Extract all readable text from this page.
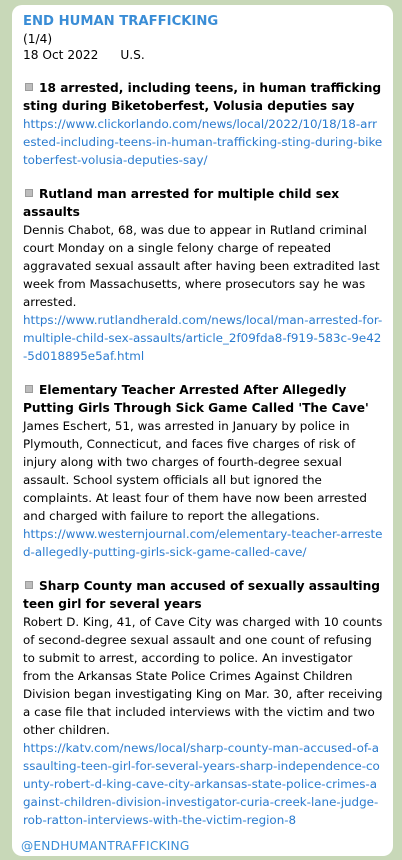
END HUMAN TRAFFICKING
(1/4)
18 Oct 2022 U.S.
18 arrested, including teens, in human trafficking sting during Biketoberfest, Volusia deputies say
https://www.clickorlando.com/news/local/2022/10/18/18-arrested-including-teens-in-human-trafficking-sting-during-biketoberfest-volusia-deputies-say/
Rutland man arrested for multiple child sex assaults
Dennis Chabot, 68, was due to appear in Rutland criminal court Monday on a single felony charge of repeated aggravated sexual assault after having been extradited last week from Massachusetts, where prosecutors say he was arrested.
https://www.rutlandherald.com/news/local/man-arrested-for-multiple-child-sex-assaults/article_2f09fda8-f919-583c-9e42-5d018895e5af.html
Elementary Teacher Arrested After Allegedly Putting Girls Through Sick Game Called 'The Cave'
James Eschert, 51, was arrested in January by police in Plymouth, Connecticut, and faces five charges of risk of injury along with two charges of fourth-degree sexual assault. School system officials all but ignored the complaints. At least four of them have now been arrested and charged with failure to report the allegations.
https://www.westernjournal.com/elementary-teacher-arrested-allegedly-putting-girls-sick-game-called-cave/
Sharp County man accused of sexually assaulting teen girl for several years
Robert D. King, 41, of Cave City was charged with 10 counts of second-degree sexual assault and one count of refusing to submit to arrest, according to police. An investigator from the Arkansas State Police Crimes Against Children Division began investigating King on Mar. 30, after receiving a case file that included interviews with the victim and two other children.
https://katv.com/news/local/sharp-county-man-accused-of-assaulting-teen-girl-for-several-years-sharp-independence-county-robert-d-king-cave-city-arkansas-state-police-crimes-against-children-division-investigator-curia-creek-lane-judge-rob-ratton-interviews-with-the-victim-region-8
@ENDHUMANTRAFFICKING
